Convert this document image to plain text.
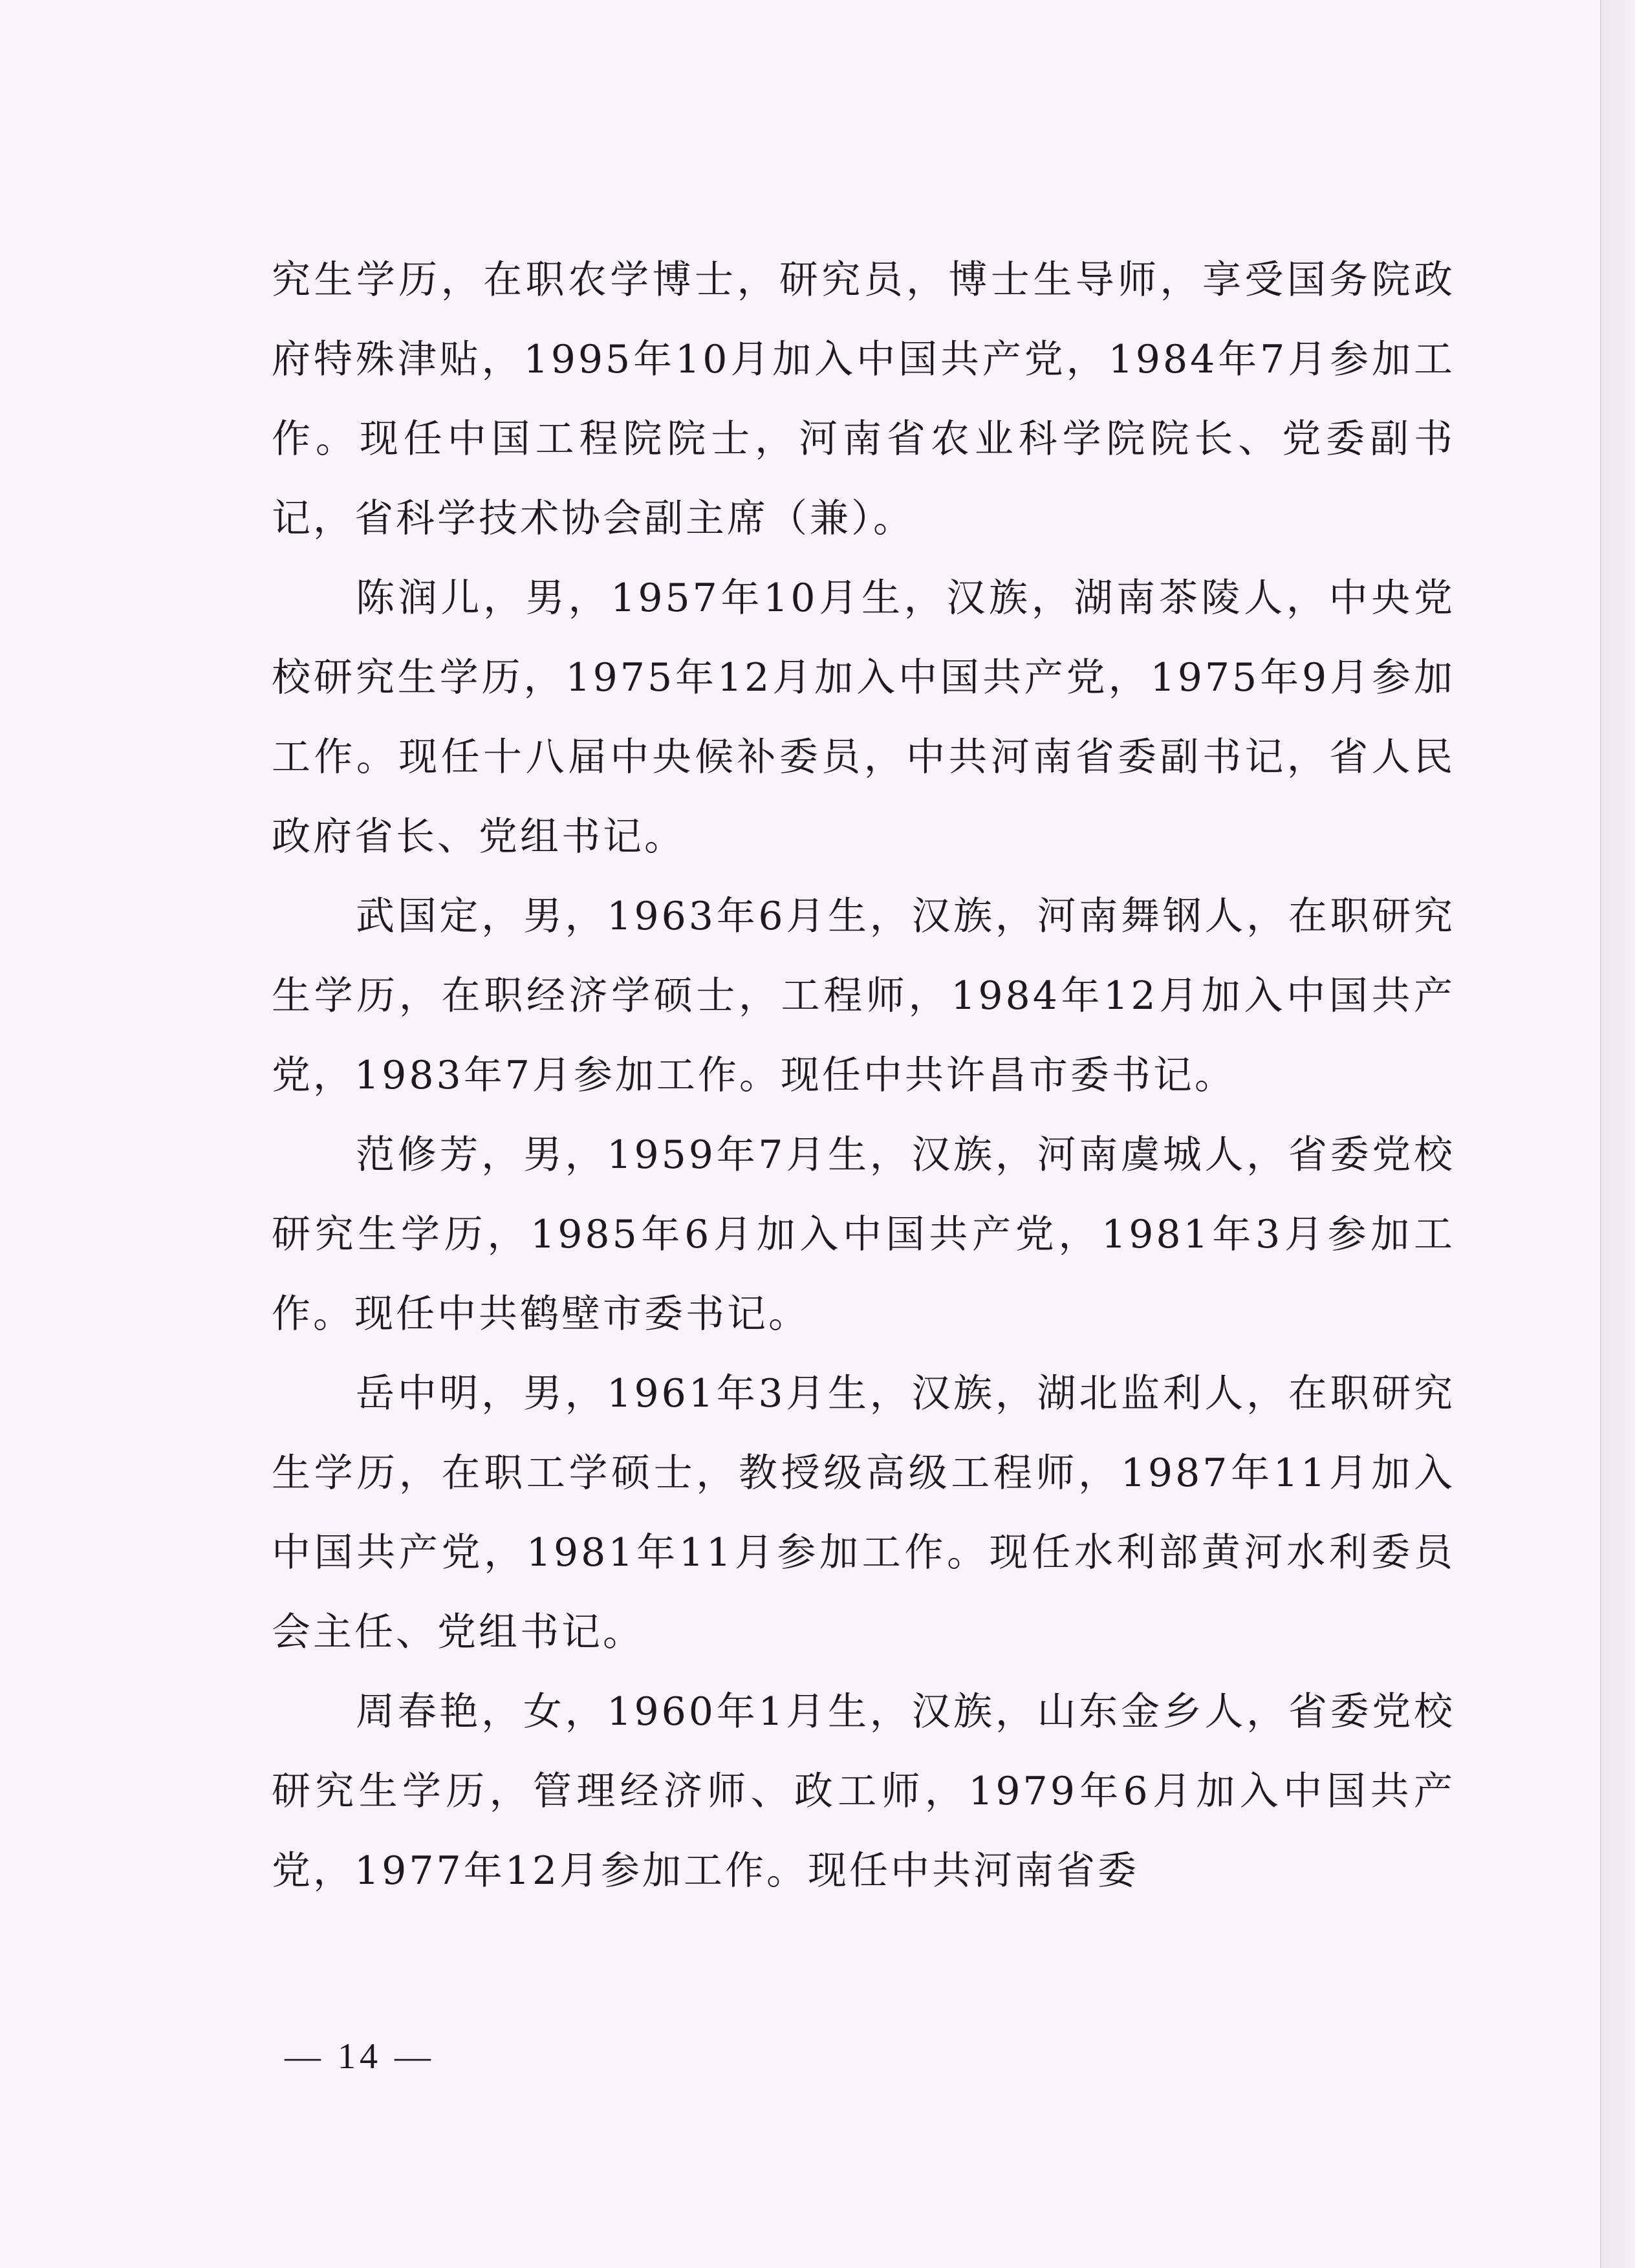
究生学历，在职农学博士，研究员，博士生导师，享受国务院政府特殊津贴，1995年10月加入中国共产党，1984年7月参加工作。现任中国工程院院士，河南省农业科学院院长、党委副书记，省科学技术协会副主席（兼）。

陈润儿，男，1957年10月生，汉族，湖南茶陵人，中央党校研究生学历，1975年12月加入中国共产党，1975年9月参加工作。现任十八届中央候补委员，中共河南省委副书记，省人民政府省长、党组书记。

武国定，男，1963年6月生，汉族，河南舞钢人，在职研究生学历，在职经济学硕士，工程师，1984年12月加入中国共产党，1983年7月参加工作。现任中共许昌市委书记。

范修芳，男，1959年7月生，汉族，河南虞城人，省委党校研究生学历，1985年6月加入中国共产党，1981年3月参加工作。现任中共鹤壁市委书记。

岳中明，男，1961年3月生，汉族，湖北监利人，在职研究生学历，在职工学硕士，教授级高级工程师，1987年11月加入中国共产党，1981年11月参加工作。现任水利部黄河水利委员会主任、党组书记。

周春艳，女，1960年1月生，汉族，山东金乡人，省委党校研究生学历，管理经济师、政工师，1979年6月加入中国共产党，1977年12月参加工作。现任中共河南省委

— 14 —
